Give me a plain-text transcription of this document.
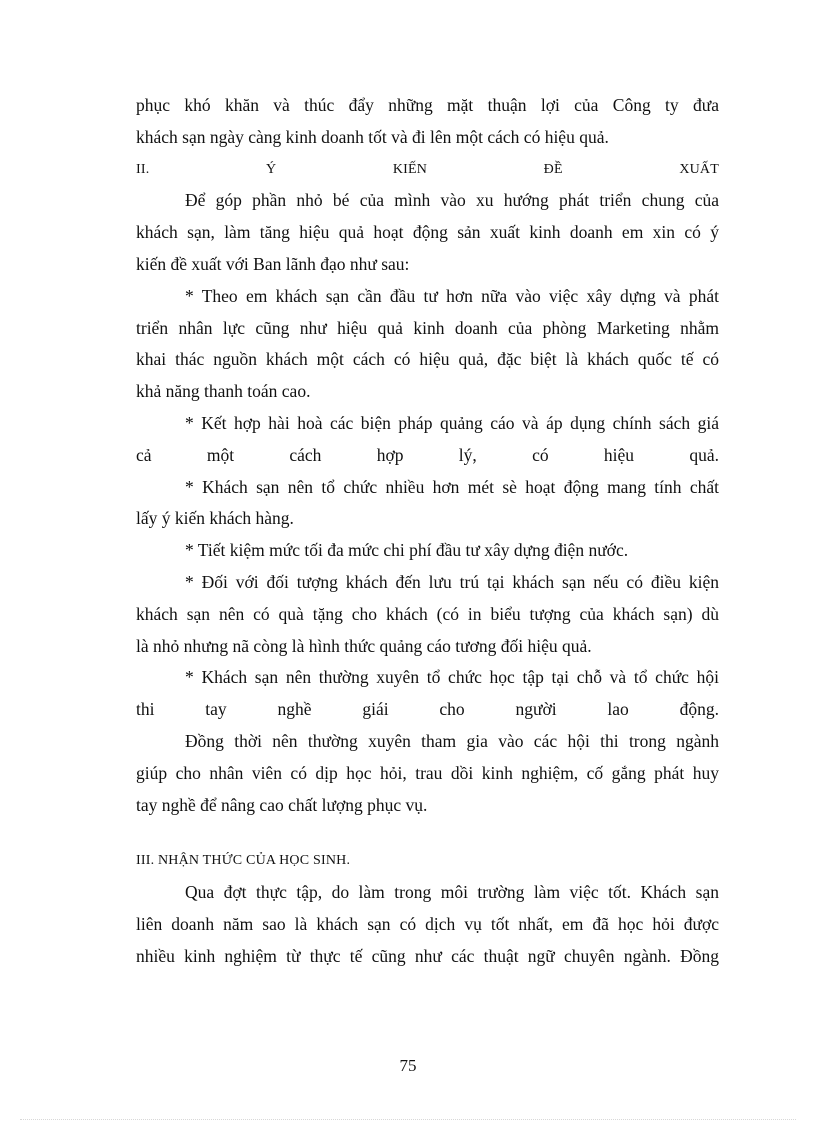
phục khó khăn và thúc đẩy những mặt thuận lợi của Công ty đưa
khách sạn ngày càng kinh doanh tốt và đi lên một cách có hiệu quả.
II. Ý KIẾN ĐỀ XUẤT
Để góp phần nhỏ bé của mình vào xu hướng phát triển chung của
khách sạn, làm tăng hiệu quả hoạt động sản xuất kinh doanh em xin có ý
kiến đề xuất với Ban lãnh đạo như sau:
* Theo em khách sạn cần đầu tư hơn nữa vào việc xây dựng và phát
triển nhân lực cũng như hiệu quả kinh doanh của phòng Marketing nhằm
khai thác nguồn khách một cách có hiệu quả, đặc biệt là khách quốc tế có
khả năng thanh toán cao.
* Kết hợp hài hoà các biện pháp quảng cáo và áp dụng chính sách giá
cả một cách hợp lý, có hiệu quả.
* Khách sạn nên tổ chức nhiều hơn mét sè hoạt động mang tính chất
lấy ý kiến khách hàng.
* Tiết kiệm mức tối đa mức chi phí đầu tư xây dựng điện nước.
* Đối với đối tượng khách đến lưu trú tại khách sạn nếu có điều kiện
khách sạn nên có quà tặng cho khách (có in biểu tượng của khách sạn) dù
là nhỏ nhưng nã còng là hình thức quảng cáo tương đối hiệu quả.
* Khách sạn nên thường xuyên tổ chức học tập tại chỗ và tổ chức hội
thi tay nghề giái cho người lao động.
Đồng thời nên thường xuyên tham gia vào các hội thi trong ngành
giúp cho nhân viên có dịp học hỏi, trau dồi kinh nghiệm, cố gắng phát huy
tay nghề để nâng cao chất lượng phục vụ.
III. NHẬN THỨC CỦA HỌC SINH.
Qua đợt thực tập, do làm trong môi trường làm việc tốt. Khách sạn
liên doanh năm sao là khách sạn có dịch vụ tốt nhất, em đã học hỏi được
nhiều kinh nghiệm từ thực tế cũng như các thuật ngữ chuyên ngành. Đồng
75
